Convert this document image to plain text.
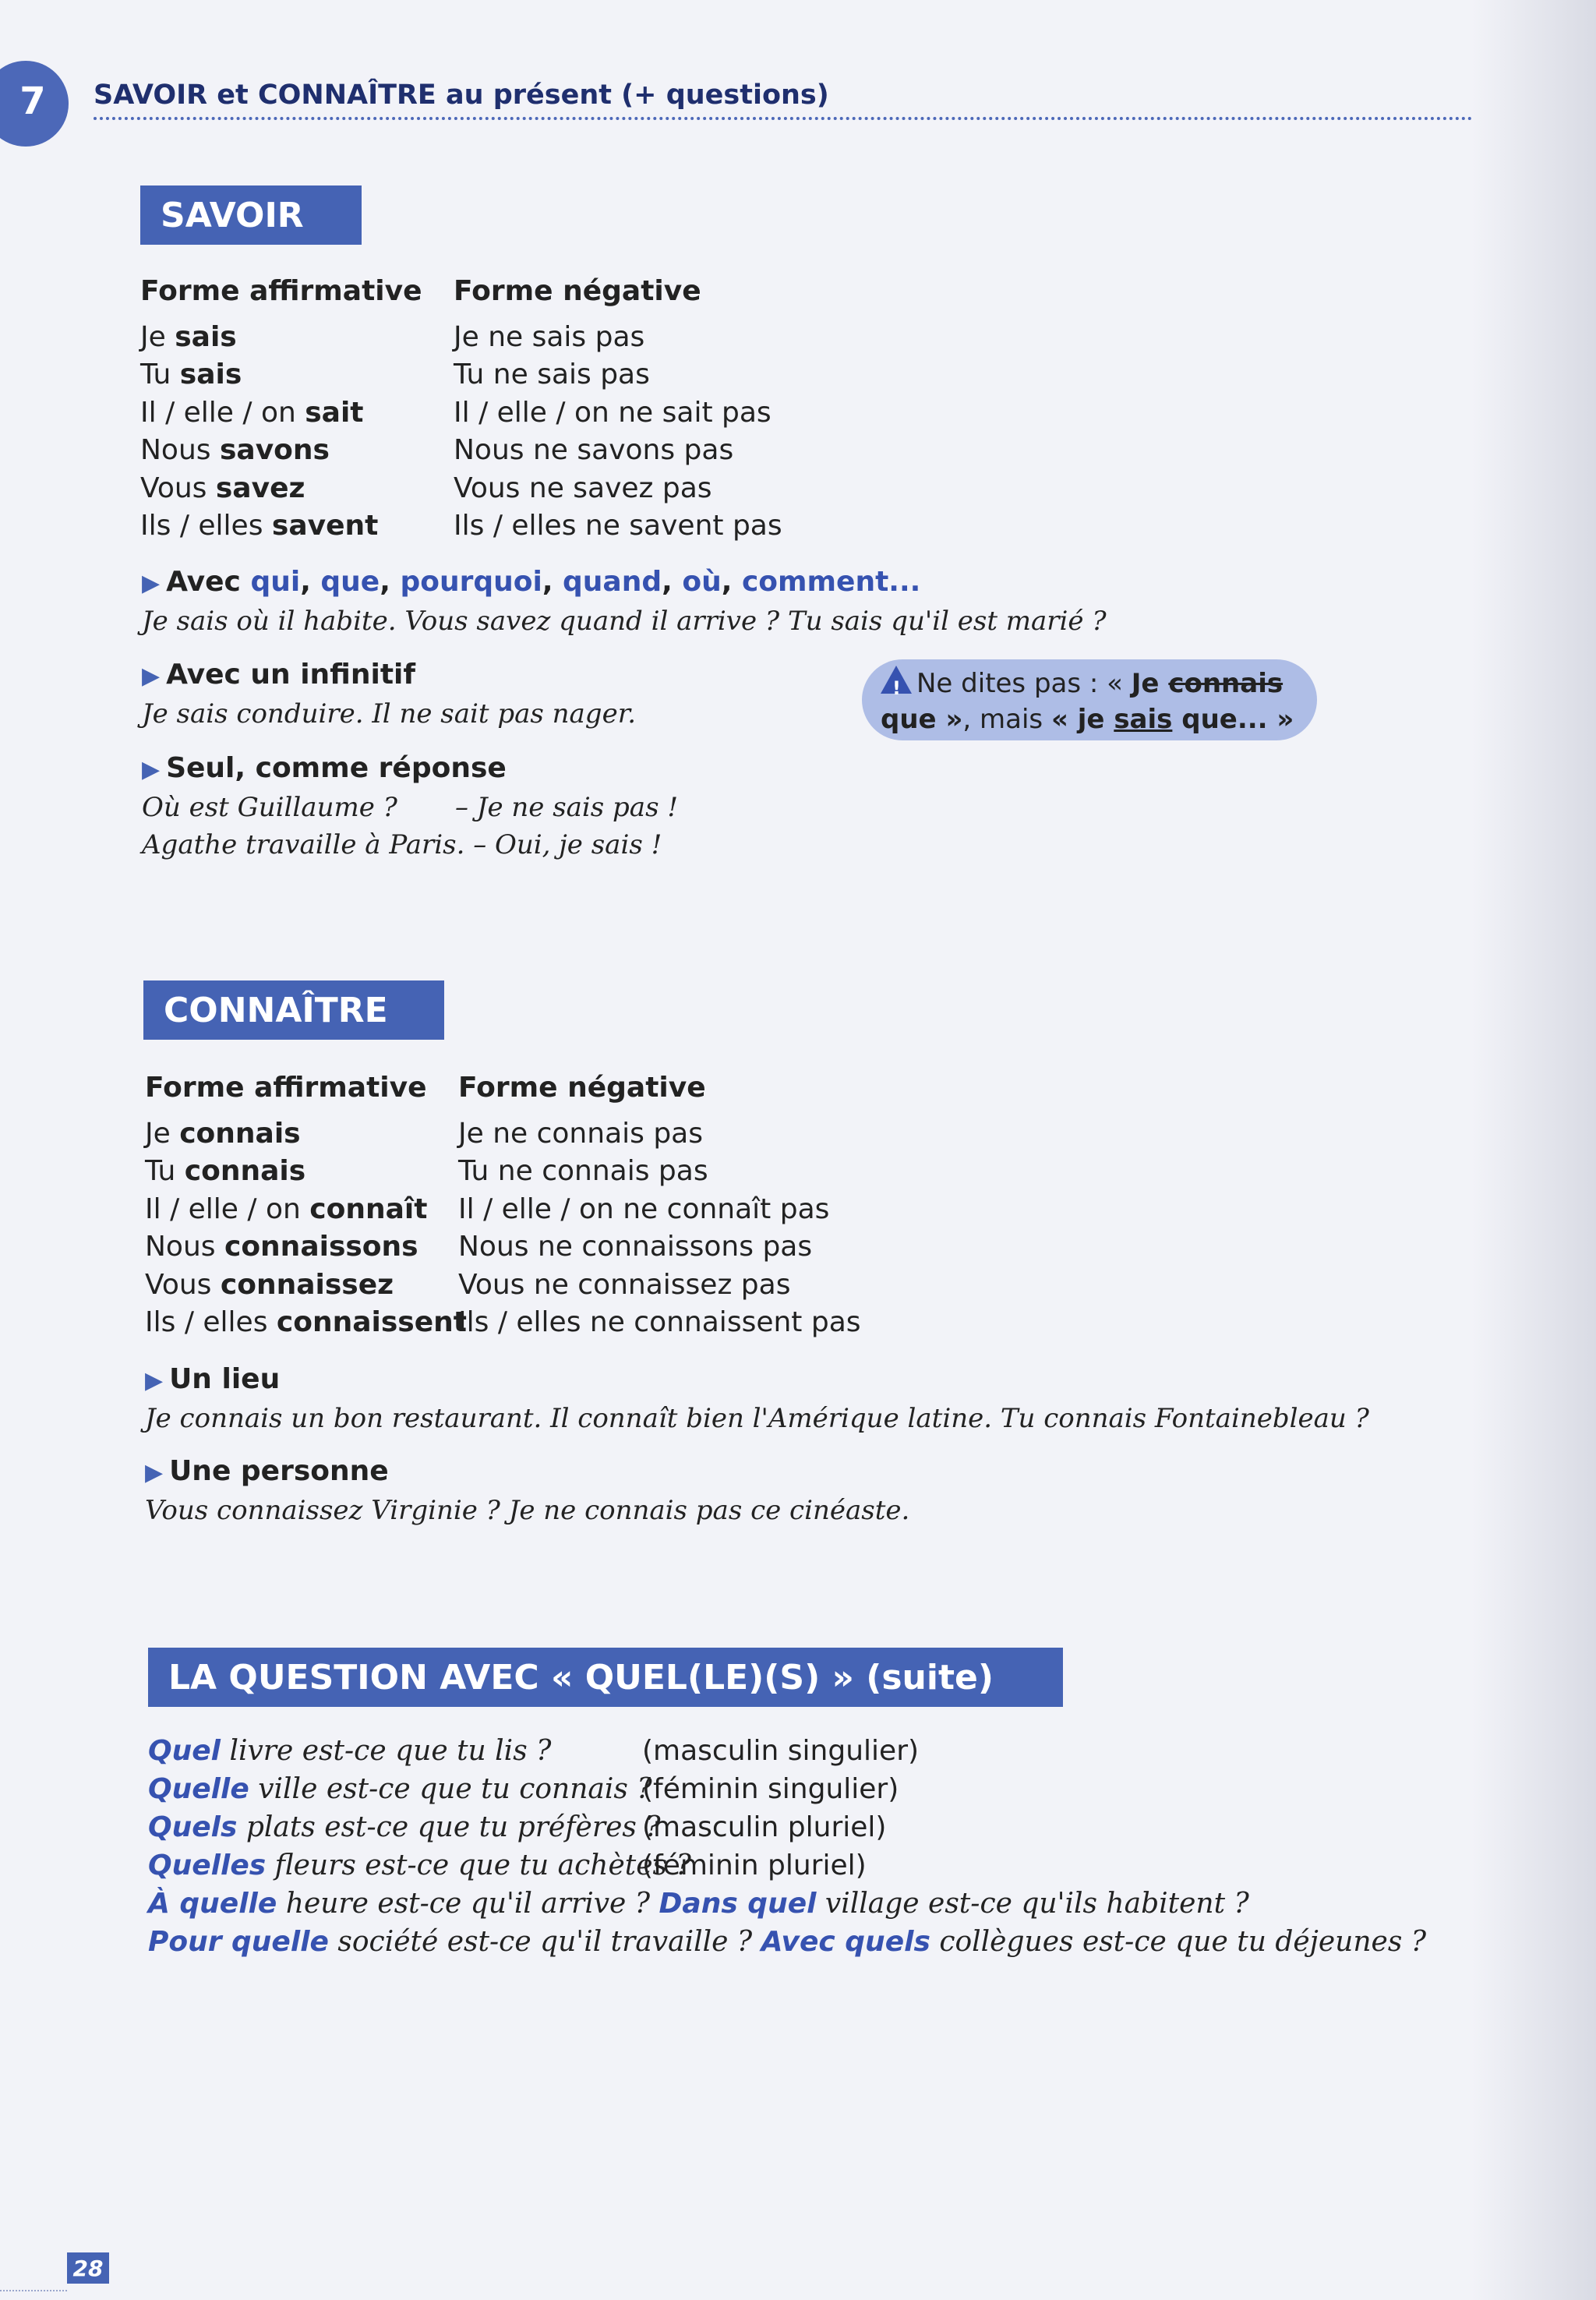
7 SAVOIR et CONNAÎTRE au présent (+ questions)
SAVOIR
Forme affirmative
Je sais
Tu sais
Il / elle / on sait
Nous savons
Vous savez
Ils / elles savent
Forme négative
Je ne sais pas
Tu ne sais pas
Il / elle / on ne sait pas
Nous ne savons pas
Vous ne savez pas
Ils / elles ne savent pas
▶ Avec qui, que, pourquoi, quand, où, comment...
Je sais où il habite. Vous savez quand il arrive ? Tu sais qu'il est marié ?
▶ Avec un infinitif
Je sais conduire. Il ne sait pas nager.
▶ Seul, comme réponse
Où est Guillaume ? – Je ne sais pas !
Agathe travaille à Paris. – Oui, je sais !
!Ne dites pas : « Je connais
que », mais « je sais que... »
CONNAÎTRE
Forme affirmative
Je connais
Tu connais
Il / elle / on connaît
Nous connaissons
Vous connaissez
Ils / elles connaissent
Forme négative
Je ne connais pas
Tu ne connais pas
Il / elle / on ne connaît pas
Nous ne connaissons pas
Vous ne connaissez pas
Ils / elles ne connaissent pas
▶ Un lieu
Je connais un bon restaurant. Il connaît bien l'Amérique latine. Tu connais Fontainebleau ?
▶ Une personne
Vous connaissez Virginie ? Je ne connais pas ce cinéaste.
LA QUESTION AVEC « QUEL(LE)(S) » (suite)
Quel livre est-ce que tu lis ?	(masculin singulier)
Quelle ville est-ce que tu connais ?
(féminin singulier)
Quels plats est-ce que tu préfères ?
(masculin pluriel)
Quelles fleurs est-ce que tu achètes ?
(féminin pluriel)
À quelle heure est-ce qu'il arrive ? Dans quel village est-ce qu'ils habitent ?
Pour quelle société est-ce qu'il travaille ? Avec quels collègues est-ce que tu déjeunes ?
28
